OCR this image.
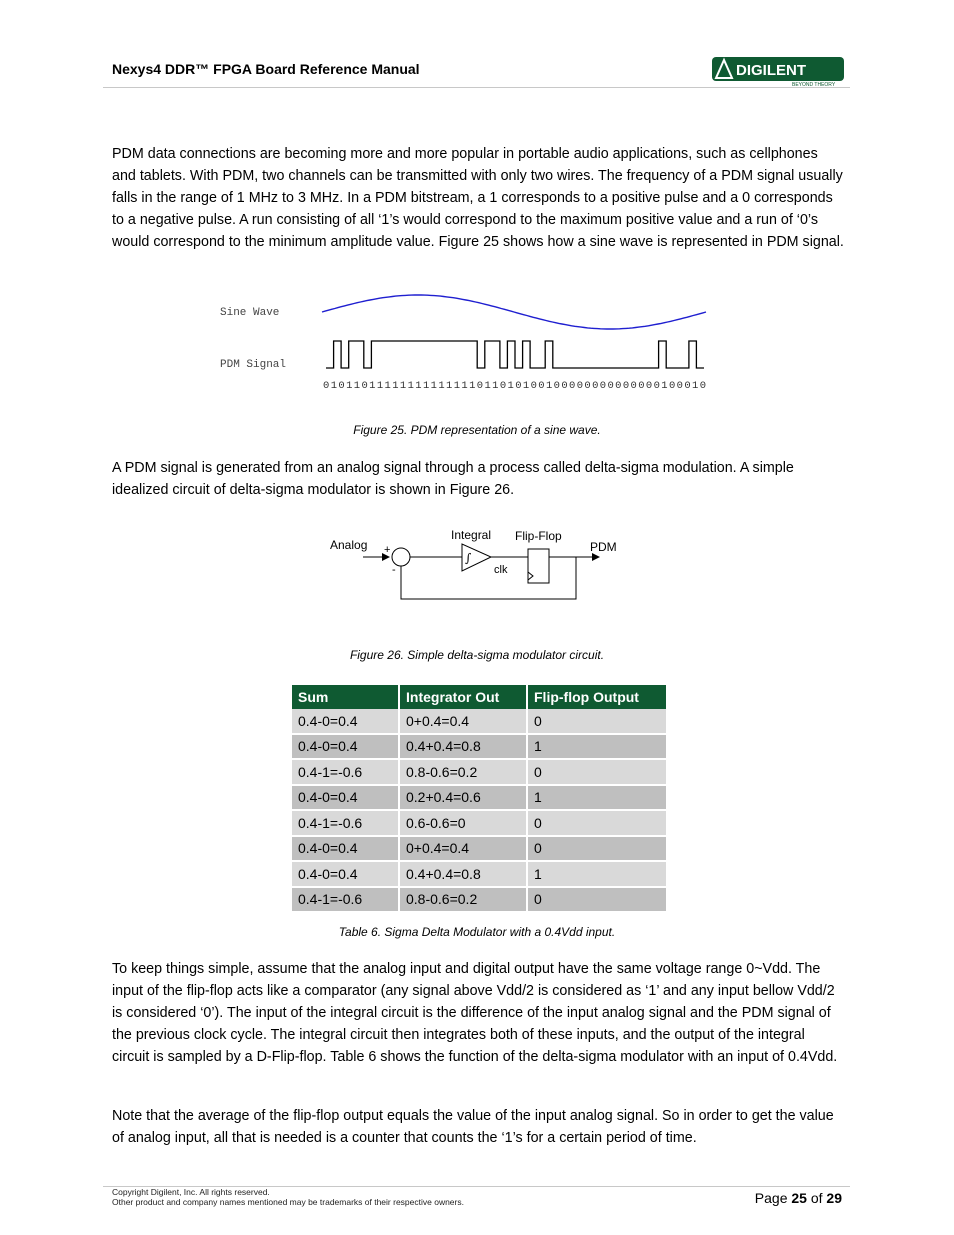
Nexys4 DDR™ FPGA Board Reference Manual	DIGILENT
BEYOND THEORY

PDM data connections are becoming more and more popular in portable audio applications, such as cellphones and tablets. With PDM, two channels can be transmitted with only two wires. The frequency of a PDM signal usually falls in the range of 1 MHz to 3 MHz. In a PDM bitstream, a 1 corresponds to a positive pulse and a 0 corresponds to a negative pulse. A run consisting of all ‘1’s would correspond to the maximum positive value and a run of ‘0’s would correspond to the minimum amplitude value. Figure 25 shows how a sine wave is represented in PDM signal.

Sine Wave
PDM Signal
01011011111111111111011010100100000000000000100010
Figure 25. PDM representation of a sine wave.

A PDM signal is generated from an analog signal through a process called delta-sigma modulation. A simple idealized circuit of delta-sigma modulator is shown in Figure 26.

Analog +
-
Integral
∫
Flip-Flop
clk
PDM
Figure 26. Simple delta-sigma modulator circuit.
Sum	Integrator Out	Flip-flop Output
0.4-0=0.4	0+0.4=0.4	0
0.4-0=0.4	0.4+0.4=0.8	1
0.4-1=-0.6	0.8-0.6=0.2	0
0.4-0=0.4	0.2+0.4=0.6	1
0.4-1=-0.6	0.6-0.6=0	0
0.4-0=0.4	0+0.4=0.4	0
0.4-0=0.4	0.4+0.4=0.8	1
0.4-1=-0.6	0.8-0.6=0.2	0
Table 6. Sigma Delta Modulator with a 0.4Vdd input.

To keep things simple, assume that the analog input and digital output have the same voltage range 0~Vdd. The input of the flip-flop acts like a comparator (any signal above Vdd/2 is considered as ‘1’ and any input bellow Vdd/2 is considered ‘0’). The input of the integral circuit is the difference of the input analog signal and the PDM signal of the previous clock cycle. The integral circuit then integrates both of these inputs, and the output of the integral circuit is sampled by a D-Flip-flop. Table 6 shows the function of the delta-sigma modulator with an input of 0.4Vdd.

Note that the average of the flip-flop output equals the value of the input analog signal. So in order to get the value of analog input, all that is needed is a counter that counts the ‘1’s for a certain period of time.

Copyright Digilent, Inc. All rights reserved.
Other product and company names mentioned may be trademarks of their respective owners.	Page 25 of 29
